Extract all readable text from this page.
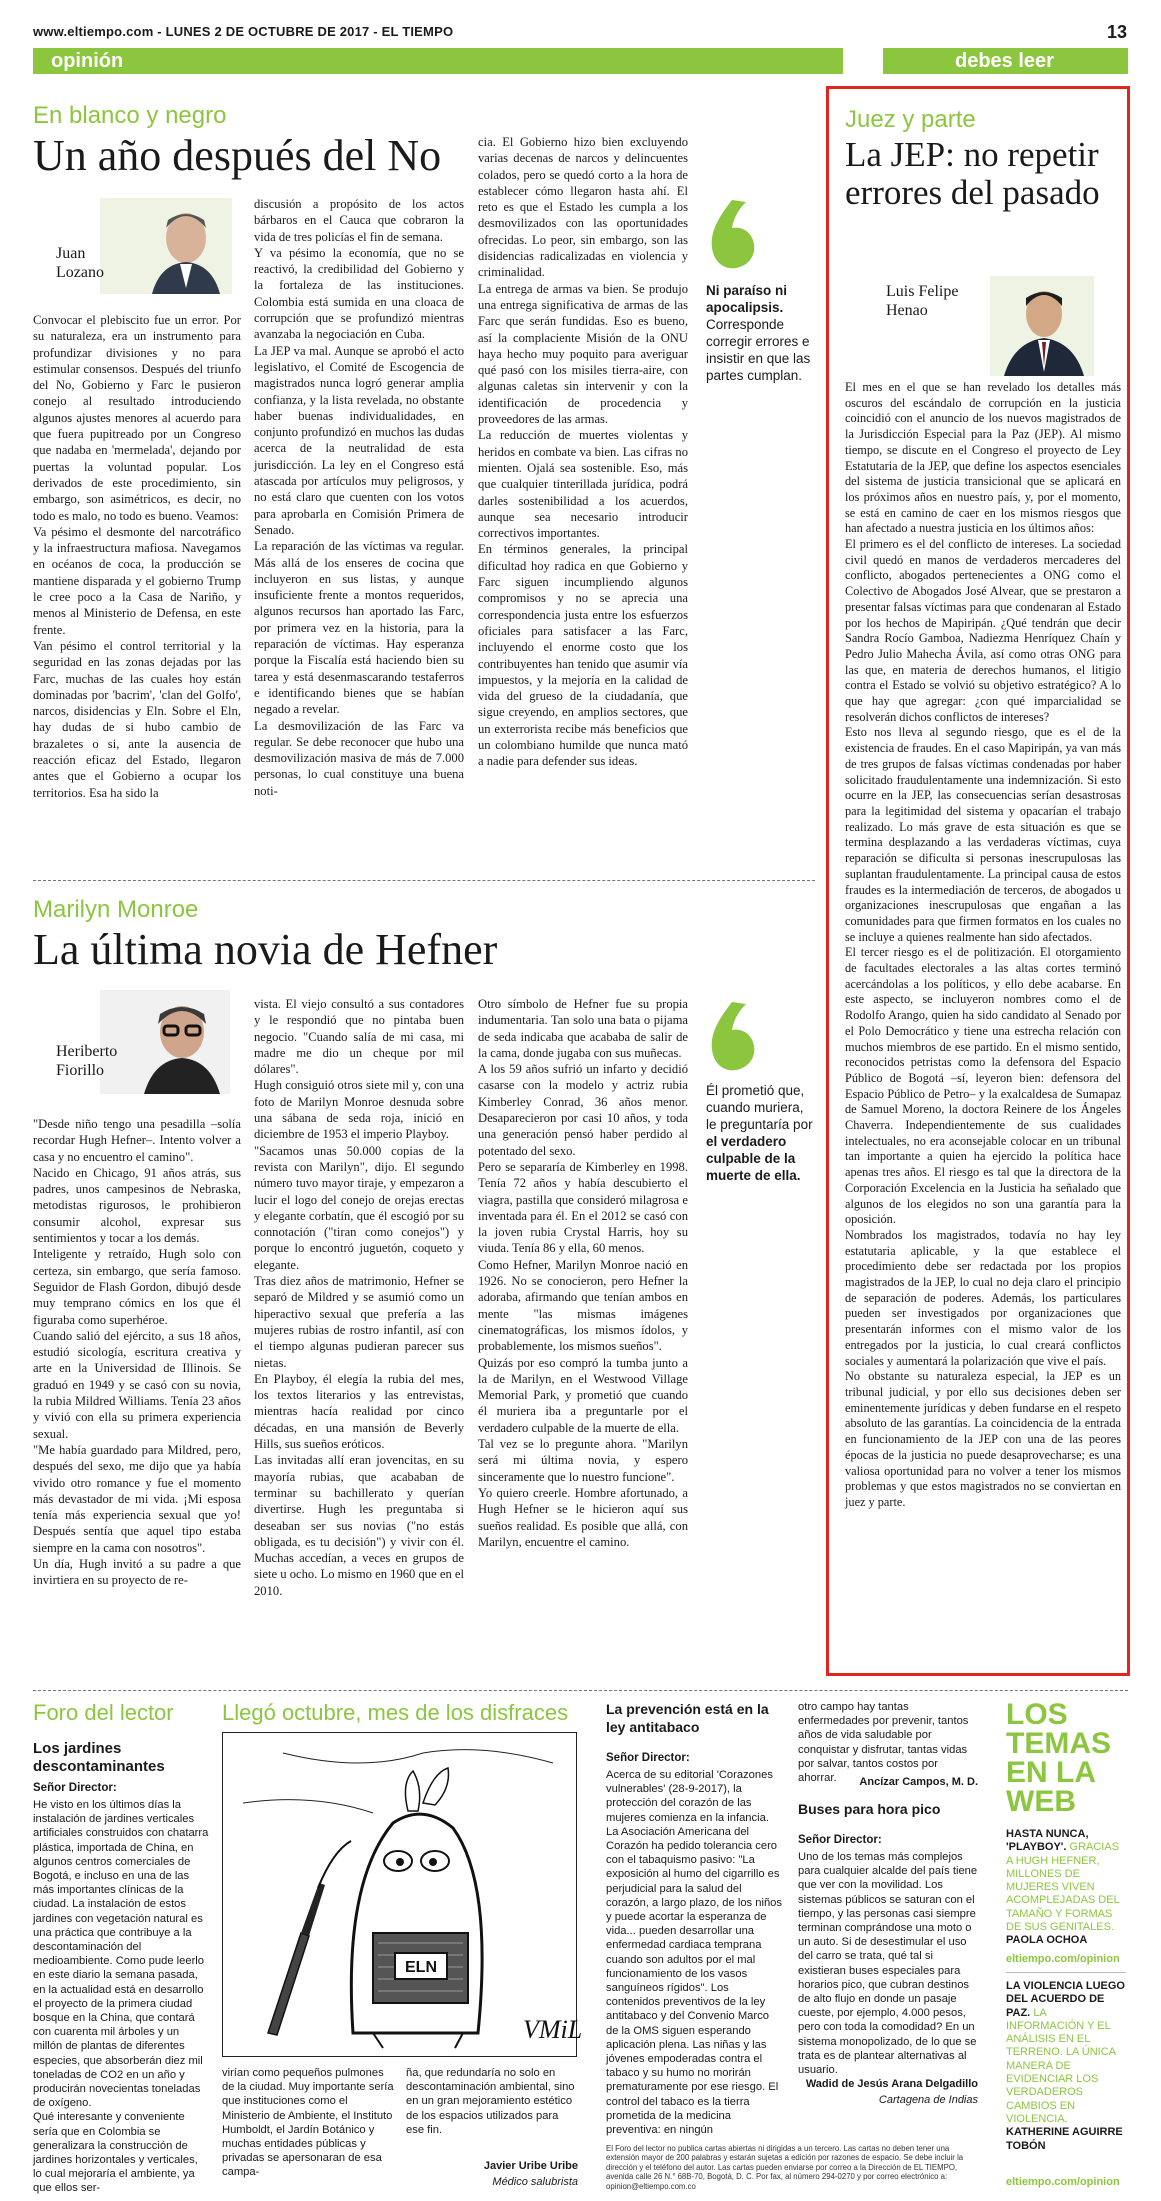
www.eltiempo.com - LUNES 2 DE OCTUBRE DE 2017 - EL TIEMPO	13
opinión	debes leer
En blanco y negro
Un año después del No
Juan
Lozano
Convocar el plebiscito fue un error. Por su naturaleza, era un instrumento para profundizar divisiones y no para estimular consensos. Después del triunfo del No, Gobierno y Farc le pusieron conejo al resultado introduciendo algunos ajustes menores al acuerdo para que fuera pupitreado por un Congreso que nadaba en 'mermelada', dejando por puertas la voluntad popular. Los derivados de este procedimiento, sin embargo, son asimétricos, es decir, no todo es malo, no todo es bueno. Veamos:
Va pésimo el desmonte del narcotráfico y la infraestructura mafiosa. Navegamos en océanos de coca, la producción se mantiene disparada y el gobierno Trump le cree poco a la Casa de Nariño, y menos al Ministerio de Defensa, en este frente.
Van pésimo el control territorial y la seguridad en las zonas dejadas por las Farc, muchas de las cuales hoy están dominadas por 'bacrim', 'clan del Golfo', narcos, disidencias y Eln. Sobre el Eln, hay dudas de si hubo cambio de brazaletes o si, ante la ausencia de reacción eficaz del Estado, llegaron antes que el Gobierno a ocupar los territorios. Esa ha sido la
discusión a propósito de los actos bárbaros en el Cauca que cobraron la vida de tres policías el fin de semana.
Y va pésimo la economía, que no se reactivó, la credibilidad del Gobierno y la fortaleza de las instituciones. Colombia está sumida en una cloaca de corrupción que se profundizó mientras avanzaba la negociación en Cuba.
La JEP va mal. Aunque se aprobó el acto legislativo, el Comité de Escogencia de magistrados nunca logró generar amplia confianza, y la lista revelada, no obstante haber buenas individualidades, en conjunto profundizó en muchos las dudas acerca de la neutralidad de esta jurisdicción. La ley en el Congreso está atascada por artículos muy peligrosos, y no está claro que cuenten con los votos para aprobarla en Comisión Primera de Senado.
La reparación de las víctimas va regular. Más allá de los enseres de cocina que incluyeron en sus listas, y aunque insuficiente frente a montos requeridos, algunos recursos han aportado las Farc, por primera vez en la historia, para la reparación de víctimas. Hay esperanza porque la Fiscalía está haciendo bien su tarea y está desenmascarando testaferros e identificando bienes que se habían negado a revelar.
La desmovilización de las Farc va regular. Se debe reconocer que hubo una desmovilización masiva de más de 7.000 personas, lo cual constituye una buena noti-
cia. El Gobierno hizo bien excluyendo varias decenas de narcos y delincuentes colados, pero se quedó corto a la hora de establecer cómo llegaron hasta ahí. El reto es que el Estado les cumpla a los desmovilizados con las oportunidades ofrecidas. Lo peor, sin embargo, son las disidencias radicalizadas en violencia y criminalidad.
La entrega de armas va bien. Se produjo una entrega significativa de armas de las Farc que serán fundidas. Eso es bueno, así la complaciente Misión de la ONU haya hecho muy poquito para averiguar qué pasó con los misiles tierra-aire, con algunas caletas sin intervenir y con la identificación de procedencia y proveedores de las armas.
La reducción de muertes violentas y heridos en combate va bien. Las cifras no mienten. Ojalá sea sostenible. Eso, más que cualquier tinterillada jurídica, podrá darles sostenibilidad a los acuerdos, aunque sea necesario introducir correctivos importantes.
En términos generales, la principal dificultad hoy radica en que Gobierno y Farc siguen incumpliendo algunos compromisos y no se aprecia una correspondencia justa entre los esfuerzos oficiales para satisfacer a las Farc, incluyendo el enorme costo que los contribuyentes han tenido que asumir vía impuestos, y la mejoría en la calidad de vida del grueso de la ciudadanía, que sigue creyendo, en amplios sectores, que un exterrorista recibe más beneficios que un colombiano humilde que nunca mató a nadie para defender sus ideas.
Ni paraíso ni apocalipsis. Corresponde corregir errores e insistir en que las partes cumplan.
Marilyn Monroe
La última novia de Hefner
Heriberto
Fiorillo
"Desde niño tengo una pesadilla –solía recordar Hugh Hefner–. Intento volver a casa y no encuentro el camino".
Nacido en Chicago, 91 años atrás, sus padres, unos campesinos de Nebraska, metodistas rigurosos, le prohibieron consumir alcohol, expresar sus sentimientos y tocar a los demás.
Inteligente y retraído, Hugh solo con certeza, sin embargo, que sería famoso. Seguidor de Flash Gordon, dibujó desde muy temprano cómics en los que él figuraba como superhéroe.
Cuando salió del ejército, a sus 18 años, estudió sicología, escritura creativa y arte en la Universidad de Illinois. Se graduó en 1949 y se casó con su novia, la rubia Mildred Williams. Tenía 23 años y vivió con ella su primera experiencia sexual.
"Me había guardado para Mildred, pero, después del sexo, me dijo que ya había vivido otro romance y fue el momento más devastador de mi vida. ¡Mi esposa tenía más experiencia sexual que yo! Después sentía que aquel tipo estaba siempre en la cama con nosotros".
Un día, Hugh invitó a su padre a que invirtiera en su proyecto de re-
vista. El viejo consultó a sus contadores y le respondió que no pintaba buen negocio. "Cuando salía de mi casa, mi madre me dio un cheque por mil dólares".
Hugh consiguió otros siete mil y, con una foto de Marilyn Monroe desnuda sobre una sábana de seda roja, inició en diciembre de 1953 el imperio Playboy.
"Sacamos unas 50.000 copias de la revista con Marilyn", dijo. El segundo número tuvo mayor tiraje, y empezaron a lucir el logo del conejo de orejas erectas y elegante corbatín, que él escogió por su connotación ("tiran como conejos") y porque lo encontró juguetón, coqueto y elegante.
Tras diez años de matrimonio, Hefner se separó de Mildred y se asumió como un hiperactivo sexual que prefería a las mujeres rubias de rostro infantil, así con el tiempo algunas pudieran parecer sus nietas.
En Playboy, él elegía la rubia del mes, los textos literarios y las entrevistas, mientras hacía realidad por cinco décadas, en una mansión de Beverly Hills, sus sueños eróticos.
Las invitadas allí eran jovencitas, en su mayoría rubias, que acababan de terminar su bachillerato y querían divertirse. Hugh les preguntaba si deseaban ser sus novias ("no estás obligada, es tu decisión") y vivir con él. Muchas accedían, a veces en grupos de siete u ocho. Lo mismo en 1960 que en el 2010.
Otro símbolo de Hefner fue su propia indumentaria. Tan solo una bata o pijama de seda indicaba que acababa de salir de la cama, donde jugaba con sus muñecas.
A los 59 años sufrió un infarto y decidió casarse con la modelo y actriz rubia Kimberley Conrad, 36 años menor. Desaparecieron por casi 10 años, y toda una generación pensó haber perdido al potentado del sexo.
Pero se separaría de Kimberley en 1998. Tenía 72 años y había descubierto el viagra, pastilla que consideró milagrosa e inventada para él. En el 2012 se casó con la joven rubia Crystal Harris, hoy su viuda. Tenía 86 y ella, 60 menos.
Como Hefner, Marilyn Monroe nació en 1926. No se conocieron, pero Hefner la adoraba, afirmando que tenían ambos en mente "las mismas imágenes cinematográficas, los mismos ídolos, y probablemente, los mismos sueños".
Quizás por eso compró la tumba junto a la de Marilyn, en el Westwood Village Memorial Park, y prometió que cuando él muriera iba a preguntarle por el verdadero culpable de la muerte de ella.
Tal vez se lo pregunte ahora. "Marilyn será mi última novia, y espero sinceramente que lo nuestro funcione".
Yo quiero creerle. Hombre afortunado, a Hugh Hefner se le hicieron aquí sus sueños realidad. Es posible que allá, con Marilyn, encuentre el camino.
Él prometió que, cuando muriera, le preguntaría por el verdadero culpable de la muerte de ella.
Juez y parte
La JEP: no repetir errores del pasado
Luis Felipe
Henao
El mes en el que se han revelado los detalles más oscuros del escándalo de corrupción en la justicia coincidió con el anuncio de los nuevos magistrados de la Jurisdicción Especial para la Paz (JEP). Al mismo tiempo, se discute en el Congreso el proyecto de Ley Estatutaria de la JEP, que define los aspectos esenciales del sistema de justicia transicional que se aplicará en los próximos años en nuestro país, y, por el momento, se está en camino de caer en los mismos riesgos que han afectado a nuestra justicia en los últimos años:
El primero es el del conflicto de intereses. La sociedad civil quedó en manos de verdaderos mercaderes del conflicto, abogados pertenecientes a ONG como el Colectivo de Abogados José Alvear, que se prestaron a presentar falsas víctimas para que condenaran al Estado por los hechos de Mapiripán. ¿Qué tendrán que decir Sandra Rocío Gamboa, Nadiezma Henríquez Chaín y Pedro Julio Mahecha Ávila, así como otras ONG para las que, en materia de derechos humanos, el litigio contra el Estado se volvió su objetivo estratégico? A lo que hay que agregar: ¿con qué imparcialidad se resolverán dichos conflictos de intereses?
Esto nos lleva al segundo riesgo, que es el de la existencia de fraudes. En el caso Mapiripán, ya van más de tres grupos de falsas víctimas condenadas por haber solicitado fraudulentamente una indemnización. Si esto ocurre en la JEP, las consecuencias serían desastrosas para la legitimidad del sistema y opacarían el trabajo realizado. Lo más grave de esta situación es que se termina desplazando a las verdaderas víctimas, cuya reparación se dificulta si personas inescrupulosas las suplantan fraudulentamente. La principal causa de estos fraudes es la intermediación de terceros, de abogados u organizaciones inescrupulosas que engañan a las comunidades para que firmen formatos en los cuales no se incluye a quienes realmente han sido afectados.
El tercer riesgo es el de politización. El otorgamiento de facultades electorales a las altas cortes terminó acercándolas a los políticos, y ello debe acabarse. En este aspecto, se incluyeron nombres como el de Rodolfo Arango, quien ha sido candidato al Senado por el Polo Democrático y tiene una estrecha relación con muchos miembros de ese partido. En el mismo sentido, reconocidos petristas como la defensora del Espacio Público de Bogotá –sí, leyeron bien: defensora del Espacio Público de Petro– y la exalcaldesa de Sumapaz de Samuel Moreno, la doctora Reinere de los Ángeles Chaverra. Independientemente de sus cualidades intelectuales, no era aconsejable colocar en un tribunal tan importante a quien ha ejercido la política hace apenas tres años. El riesgo es tal que la directora de la Corporación Excelencia en la Justicia ha señalado que algunos de los elegidos no son una garantía para la oposición.
Nombrados los magistrados, todavía no hay ley estatutaria aplicable, y la que establece el procedimiento debe ser redactada por los propios magistrados de la JEP, lo cual no deja claro el principio de separación de poderes. Además, los particulares pueden ser investigados por organizaciones que presentarán informes con el mismo valor de los entregados por la justicia, lo cual creará conflictos sociales y aumentará la polarización que vive el país.
No obstante su naturaleza especial, la JEP es un tribunal judicial, y por ello sus decisiones deben ser eminentemente jurídicas y deben fundarse en el respeto absoluto de las garantías. La coincidencia de la entrada en funcionamiento de la JEP con una de las peores épocas de la justicia no puede desaprovecharse; es una valiosa oportunidad para no volver a tener los mismos problemas y que estos magistrados no se conviertan en juez y parte.
Foro del lector
Los jardines descontaminantes
Señor Director:
He visto en los últimos días la instalación de jardines verticales artificiales construidos con chatarra plástica, importada de China, en algunos centros comerciales de Bogotá, e incluso en una de las más importantes clínicas de la ciudad. La instalación de estos jardines con vegetación natural es una práctica que contribuye a la descontaminación del medioambiente. Como pude leerlo en este diario la semana pasada, en la actualidad está en desarrollo el proyecto de la primera ciudad bosque en la China, que contará con cuarenta mil árboles y un millón de plantas de diferentes especies, que absorberán diez mil toneladas de CO2 en un año y producirán novecientas toneladas de oxígeno.
Qué interesante y conveniente sería que en Colombia se generalizara la construcción de jardines horizontales y verticales, lo cual mejoraría el ambiente, ya que ellos ser-
Llegó octubre, mes de los disfraces
ELN
VMiL
virían como pequeños pulmones de la ciudad. Muy importante sería que instituciones como el Ministerio de Ambiente, el Instituto Humboldt, el Jardín Botánico y muchas entidades públicas y privadas se apersonaran de esa campa-
ña, que redundaría no solo en descontaminación ambiental, sino en un gran mejoramiento estético de los espacios utilizados para ese fin.
Javier Uribe Uribe
Médico salubrista
La prevención está en la ley antitabaco
Señor Director:
Acerca de su editorial 'Corazones vulnerables' (28-9-2017), la protección del corazón de las mujeres comienza en la infancia. La Asociación Americana del Corazón ha pedido tolerancia cero con el tabaquismo pasivo: "La exposición al humo del cigarrillo es perjudicial para la salud del corazón, a largo plazo, de los niños y puede acortar la esperanza de vida... pueden desarrollar una enfermedad cardiaca temprana cuando son adultos por el mal funcionamiento de los vasos sanguíneos rígidos". Los contenidos preventivos de la ley antitabaco y del Convenio Marco de la OMS siguen esperando aplicación plena. Las niñas y las jóvenes empoderadas contra el tabaco y su humo no morirán prematuramente por ese riesgo. El control del tabaco es la tierra prometida de la medicina preventiva: en ningún
otro campo hay tantas enfermedades por prevenir, tantos años de vida saludable por conquistar y disfrutar, tantas vidas por salvar, tantos costos por ahorrar.	Ancízar Campos, M. D.
Buses para hora pico
Señor Director:
Uno de los temas más complejos para cualquier alcalde del país tiene que ver con la movilidad. Los sistemas públicos se saturan con el tiempo, y las personas casi siempre terminan comprándose una moto o un auto. Si de desestimular el uso del carro se trata, qué tal si existieran buses especiales para horarios pico, que cubran destinos de alto flujo en donde un pasaje cueste, por ejemplo, 4.000 pesos, pero con toda la comodidad? En un sistema monopolizado, de lo que se trata es de plantear alternativas al usuario.
Wadid de Jesús Arana Delgadillo
Cartagena de Indias
El Foro del lector no publica cartas abiertas ni dirigidas a un tercero. Las cartas no deben tener una extensión mayor de 200 palabras y estarán sujetas a edición por razones de espacio. Se debe incluir la dirección y el teléfono del autor. Las cartas pueden enviarse por correo a la Dirección de EL TIEMPO, avenida calle 26 N.° 68B-70, Bogotá, D. C. Por fax, al número 294-0270 y por correo electrónico a: opinion@eltiempo.com.co
LOS
TEMAS
EN LA
WEB
HASTA NUNCA, 'PLAYBOY'. GRACIAS A HUGH HEFNER, MILLONES DE MUJERES VIVEN ACOMPLEJADAS DEL TAMAÑO Y FORMAS DE SUS GENITALES. PAOLA OCHOA
eltiempo.com/opinion
LA VIOLENCIA LUEGO DEL ACUERDO DE PAZ. LA INFORMACIÓN Y EL ANÁLISIS EN EL TERRENO. LA ÚNICA MANERA DE EVIDENCIAR LOS VERDADEROS CAMBIOS EN VIOLENCIA. KATHERINE AGUIRRE TOBÓN
eltiempo.com/opinion
